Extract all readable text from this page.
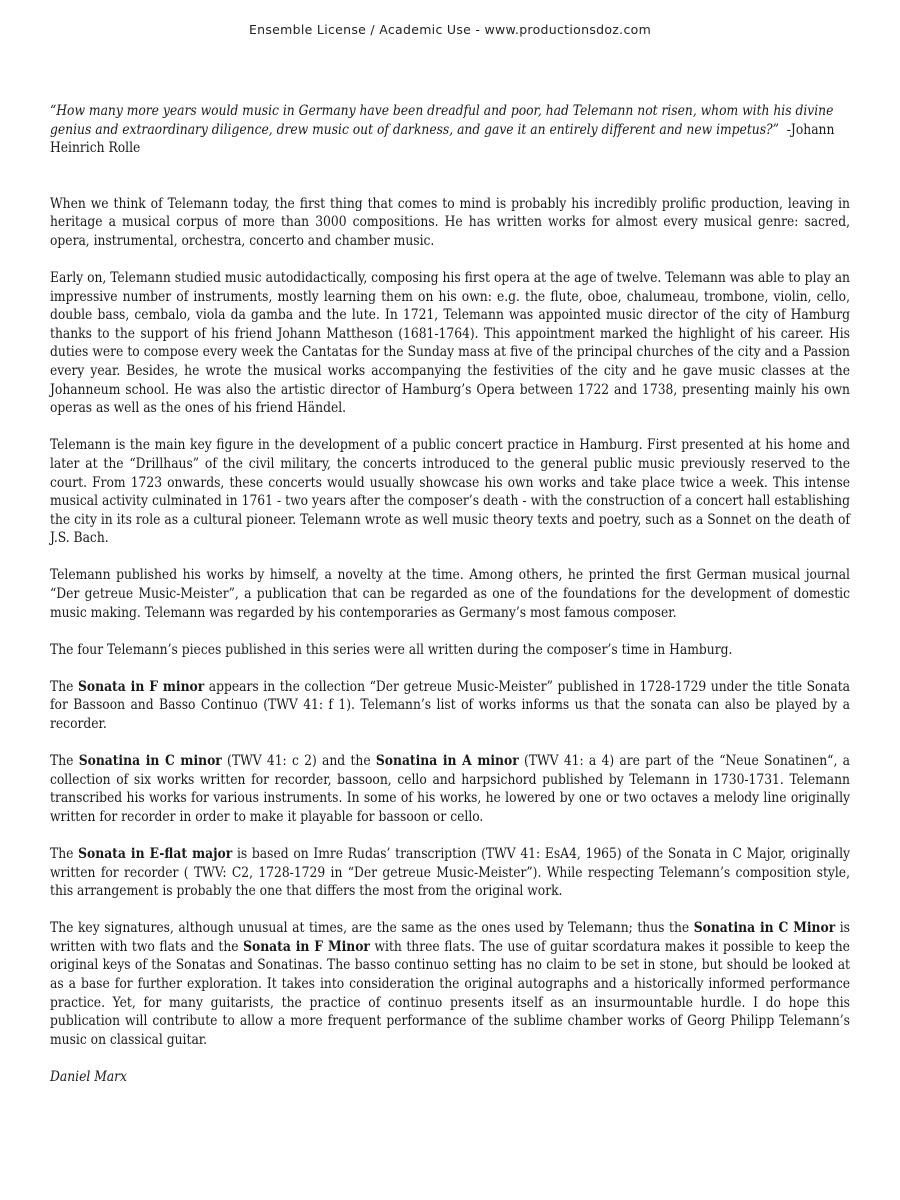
Ensemble License / Academic Use - www.productionsdoz.com

“How many more years would music in Germany have been dreadful and poor, had Telemann not risen, whom with his divine genius and extraordinary diligence, drew music out of darkness, and gave it an entirely different and new impetus?” -Johann Heinrich Rolle

When we think of Telemann today, the first thing that comes to mind is probably his incredibly prolific production, leaving in heritage a musical corpus of more than 3000 compositions. He has written works for almost every musical genre: sacred, opera, instrumental, orchestra, concerto and chamber music.

Early on, Telemann studied music autodidactically, composing his first opera at the age of twelve. Telemann was able to play an impressive number of instruments, mostly learning them on his own: e.g. the flute, oboe, chalumeau, trombone, violin, cello, double bass, cembalo, viola da gamba and the lute. In 1721, Telemann was appointed music director of the city of Hamburg thanks to the support of his friend Johann Mattheson (1681-1764). This appointment marked the highlight of his career. His duties were to compose every week the Cantatas for the Sunday mass at five of the principal churches of the city and a Passion every year. Besides, he wrote the musical works accompanying the festivities of the city and he gave music classes at the Johanneum school. He was also the artistic director of Hamburg’s Opera between 1722 and 1738, presenting mainly his own operas as well as the ones of his friend Händel.

Telemann is the main key figure in the development of a public concert practice in Hamburg. First presented at his home and later at the “Drillhaus” of the civil military, the concerts introduced to the general public music previously reserved to the court. From 1723 onwards, these concerts would usually showcase his own works and take place twice a week. This intense musical activity culminated in 1761 - two years after the composer’s death - with the construction of a concert hall establishing the city in its role as a cultural pioneer. Telemann wrote as well music theory texts and poetry, such as a Sonnet on the death of J.S. Bach.

Telemann published his works by himself, a novelty at the time. Among others, he printed the first German musical journal “Der getreue Music-Meister”, a publication that can be regarded as one of the foundations for the development of domestic music making. Telemann was regarded by his contemporaries as Germany’s most famous composer.

The four Telemann’s pieces published in this series were all written during the composer’s time in Hamburg.

The Sonata in F minor appears in the collection “Der getreue Music-Meister” published in 1728-1729 under the title Sonata for Bassoon and Basso Continuo (TWV 41: f 1). Telemann’s list of works informs us that the sonata can also be played by a recorder.

The Sonatina in C minor (TWV 41: c 2) and the Sonatina in A minor (TWV 41: a 4) are part of the “Neue Sonatinen“, a collection of six works written for recorder, bassoon, cello and harpsichord published by Telemann in 1730-1731. Telemann transcribed his works for various instruments. In some of his works, he lowered by one or two octaves a melody line originally written for recorder in order to make it playable for bassoon or cello.

The Sonata in E-flat major is based on Imre Rudas’ transcription (TWV 41: EsA4, 1965) of the Sonata in C Major, originally written for recorder ( TWV: C2, 1728-1729 in “Der getreue Music-Meister”). While respecting Telemann’s composition style, this arrangement is probably the one that differs the most from the original work.

The key signatures, although unusual at times, are the same as the ones used by Telemann; thus the Sonatina in C Minor is written with two flats and the Sonata in F Minor with three flats. The use of guitar scordatura makes it possible to keep the original keys of the Sonatas and Sonatinas. The basso continuo setting has no claim to be set in stone, but should be looked at as a base for further exploration. It takes into consideration the original autographs and a historically informed performance practice. Yet, for many guitarists, the practice of continuo presents itself as an insurmountable hurdle. I do hope this publication will contribute to allow a more frequent performance of the sublime chamber works of Georg Philipp Telemann’s music on classical guitar.

Daniel Marx
